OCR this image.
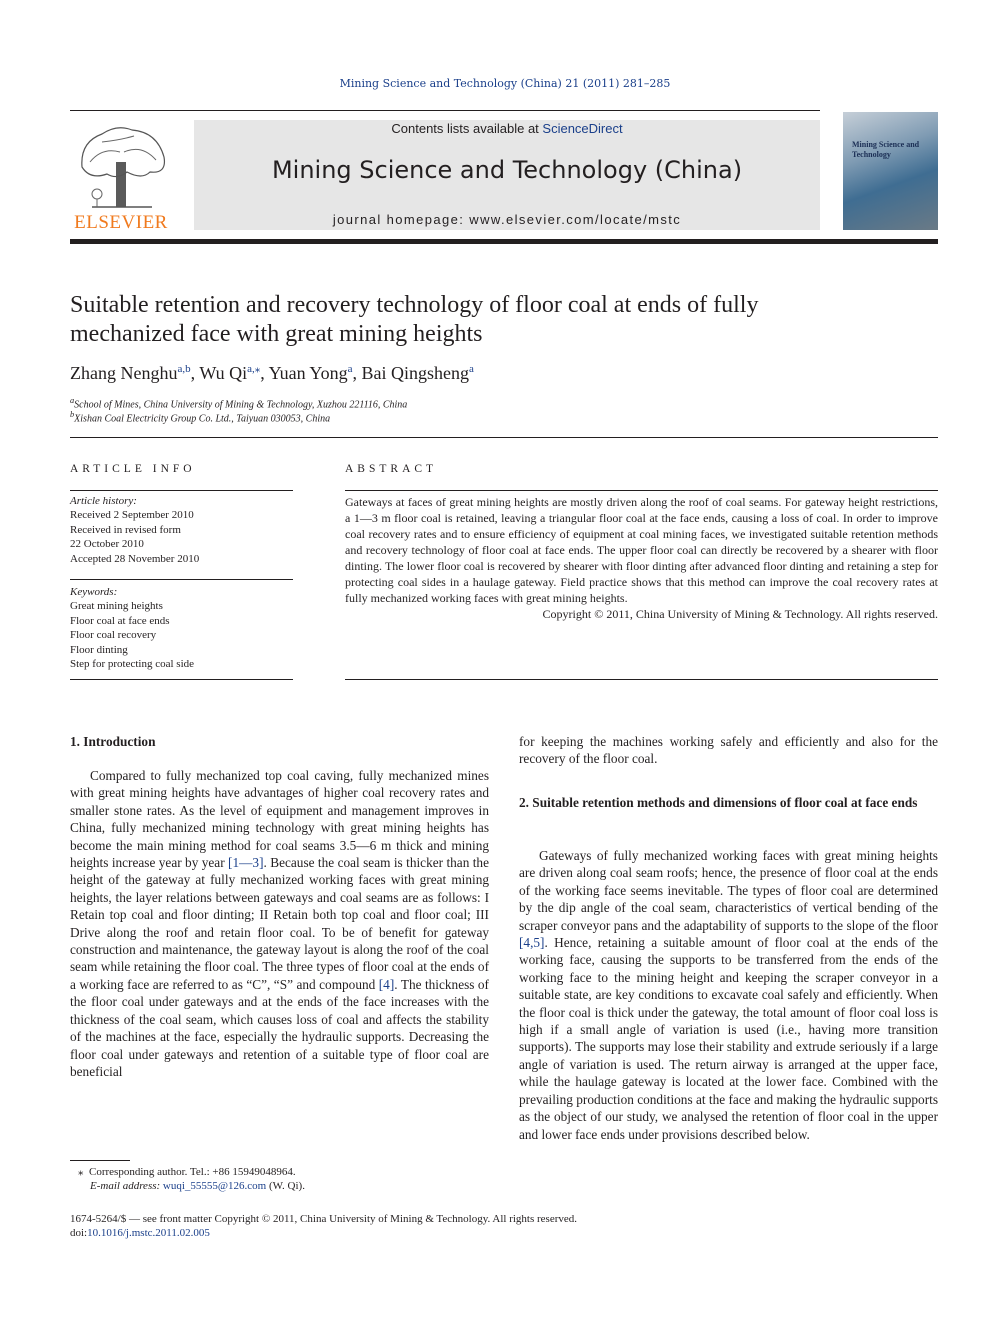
Mining Science and Technology (China) 21 (2011) 281–285
ELSEVIER
Contents lists available at ScienceDirect
Mining Science and Technology (China)
journal homepage: www.elsevier.com/locate/mstc
Mining Science and Technology
Suitable retention and recovery technology of floor coal at ends of fully
mechanized face with great mining heights
Zhang Nenghu$^{a,b}$, Wu $Qi^{a,⁎}$, Yuan Yong$^a$, Bai Qingsheng$^a$
$^a$School of Mines, China University of Mining & Technology, Xuzhou 221116, China
$^b$Xishan Coal Electricity Group Co. Ltd., Taiyuan 030053, China
ARTICLE INFO
Article history:
Received 2 September 2010
Received in revised form
22 October 2010
Accepted 28 November 2010
Keywords:
Great mining heights
Floor coal at face ends
Floor coal recovery
Floor dinting
Step for protecting coal side
ABSTRACT
Gateways at faces of great mining heights are mostly driven along the roof of coal seams. For gateway height restrictions, a 1—3 m floor coal is retained, leaving a triangular floor coal at the face ends, causing a loss of coal. In order to improve coal recovery rates and to ensure efficiency of equipment at coal mining faces, we investigated suitable retention methods and recovery technology of floor coal at face ends. The upper floor coal can directly be recovered by a shearer with floor dinting. The lower floor coal is recovered by shearer with floor dinting after advanced floor dinting and retaining a step for protecting coal sides in a haulage gateway. Field practice shows that this method can improve the coal recovery rates at fully mechanized working faces with great mining heights.
Copyright © 2011, China University of Mining & Technology. All rights reserved.
1. Introduction
Compared to fully mechanized top coal caving, fully mechanized mines with great mining heights have advantages of higher coal recovery rates and smaller stone rates. As the level of equipment and management improves in China, fully mechanized mining technology with great mining heights has become the main mining method for coal seams 3.5—6 m thick and mining heights increase year by year [1—3]. Because the coal seam is thicker than the height of the gateway at fully mechanized working faces with great mining heights, the layer relations between gateways and coal seams are as follows: I Retain top coal and floor dinting; II Retain both top coal and floor coal; III Drive along the roof and retain floor coal. To be of benefit for gateway construction and maintenance, the gateway layout is along the roof of the coal seam while retaining the floor coal. The three types of floor coal at the ends of a working face are referred to as “C”, “S” and compound [4]. The thickness of the floor coal under gateways and at the ends of the face increases with the thickness of the coal seam, which causes loss of coal and affects the stability of the machines at the face, especially the hydraulic supports. Decreasing the floor coal under gateways and retention of a suitable type of floor coal are beneficial
⁎ Corresponding author. Tel.: +86 15949048964.
E-mail address: wuqi_55555@126.com (W. Qi).
for keeping the machines working safely and efficiently and also for the recovery of the floor coal.
2. Suitable retention methods and dimensions of floor coal at face ends
Gateways of fully mechanized working faces with great mining heights are driven along coal seam roofs; hence, the presence of floor coal at the ends of the working face seems inevitable. The types of floor coal are determined by the dip angle of the coal seam, characteristics of vertical bending of the scraper conveyor pans and the adaptability of supports to the slope of the floor [4,5]. Hence, retaining a suitable amount of floor coal at the ends of the working face, causing the supports to be transferred from the ends of the working face to the mining height and keeping the scraper conveyor in a suitable state, are key conditions to excavate coal safely and efficiently. When the floor coal is thick under the gateway, the total amount of floor coal loss is high if a small angle of variation is used (i.e., having more transition supports). The supports may lose their stability and extrude seriously if a large angle of variation is used. The return airway is arranged at the upper face, while the haulage gateway is located at the lower face. Combined with the prevailing production conditions at the face and making the hydraulic supports as the object of our study, we analysed the retention of floor coal in the upper and lower face ends under provisions described below.
1674-5264/$ — see front matter Copyright © 2011, China University of Mining & Technology. All rights reserved.
doi:10.1016/j.mstc.2011.02.005
